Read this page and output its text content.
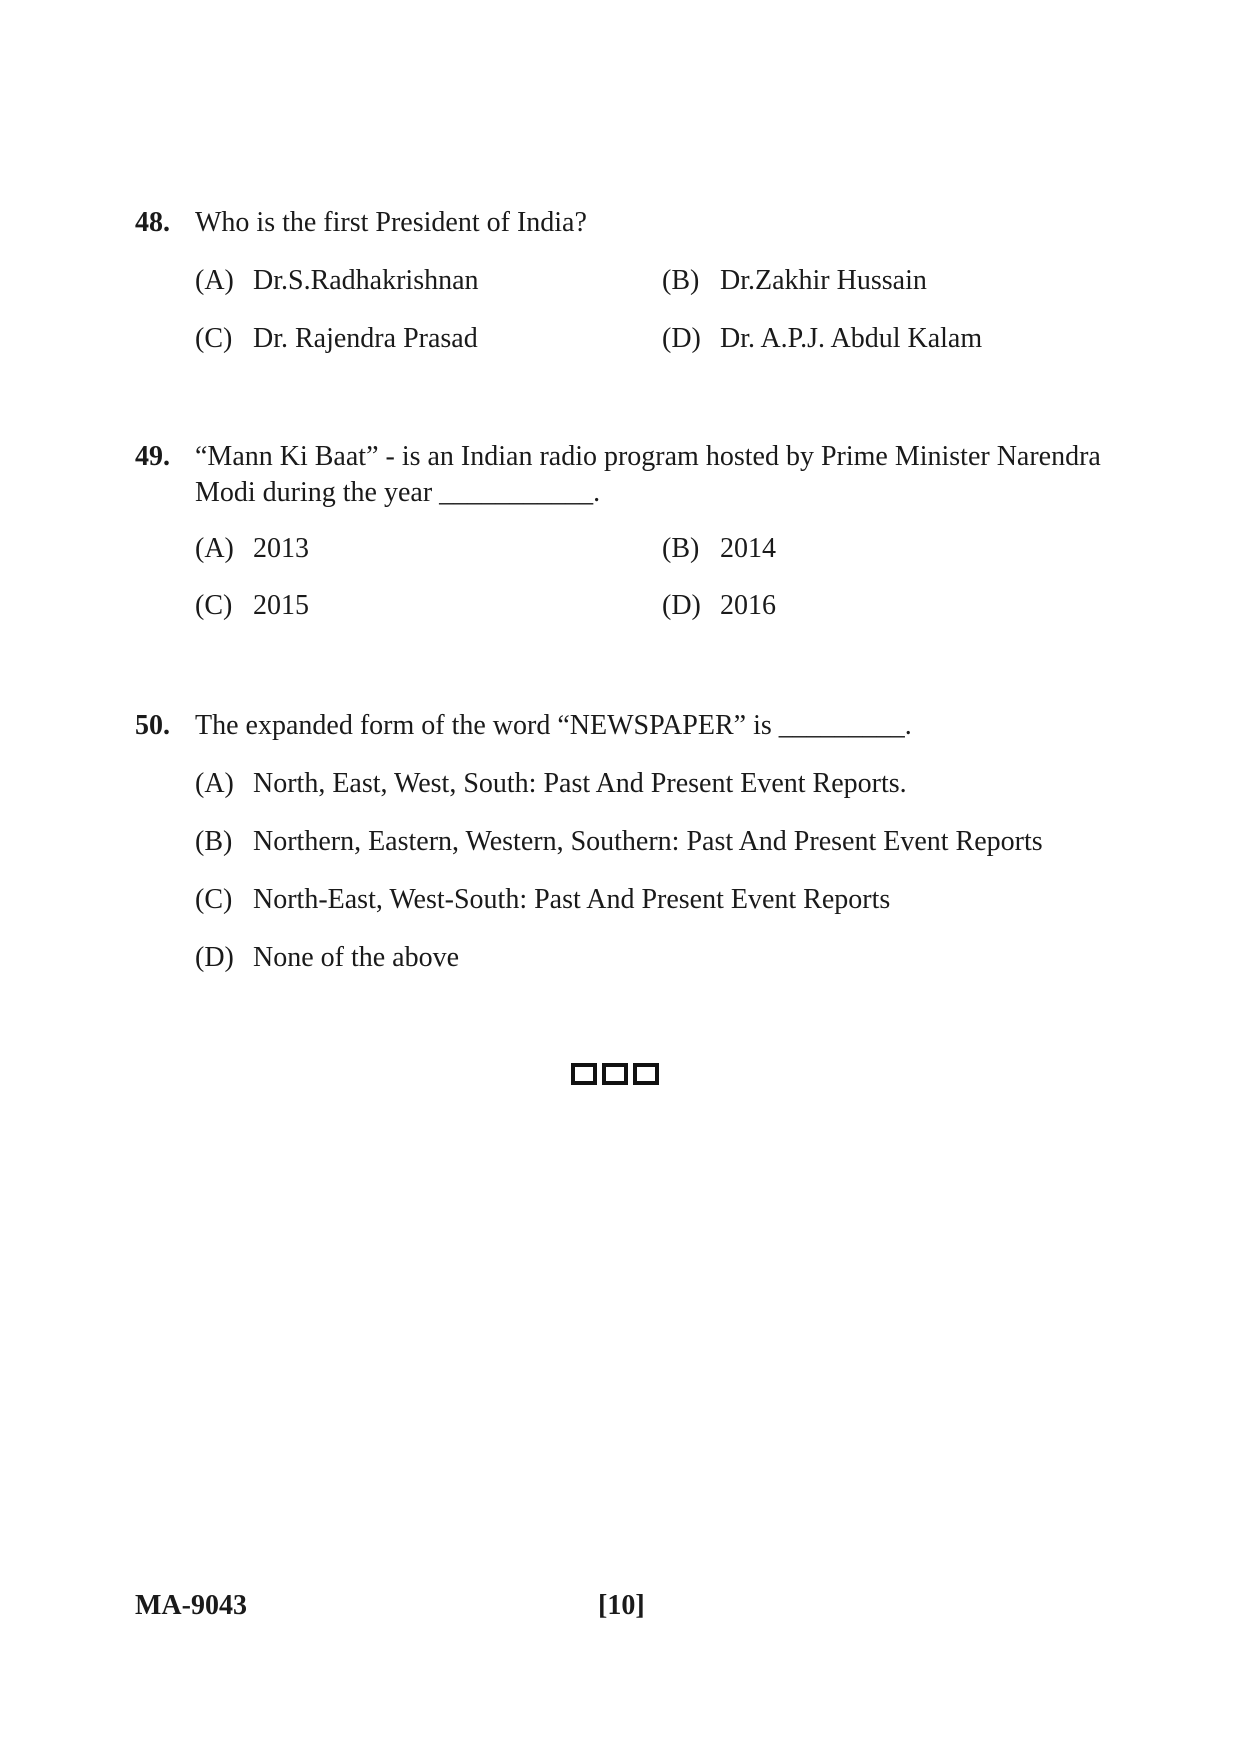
48. Who is the first President of India?
(A) Dr.S.Radhakrishnan	(B) Dr.Zakhir Hussain
(C) Dr. Rajendra Prasad	(D) Dr. A.P.J. Abdul Kalam
49. “Mann Ki Baat” - is an Indian radio program hosted by Prime Minister Narendra
Modi during the year ___________.
(A) 2013	(B) 2014
(C) 2015	(D) 2016
50. The expanded form of the word “NEWSPAPER” is _________.
(A) North, East, West, South: Past And Present Event Reports.
(B) Northern, Eastern, Western, Southern: Past And Present Event Reports
(C) North-East, West-South: Past And Present Event Reports
(D) None of the above
MA-9043	[10]
